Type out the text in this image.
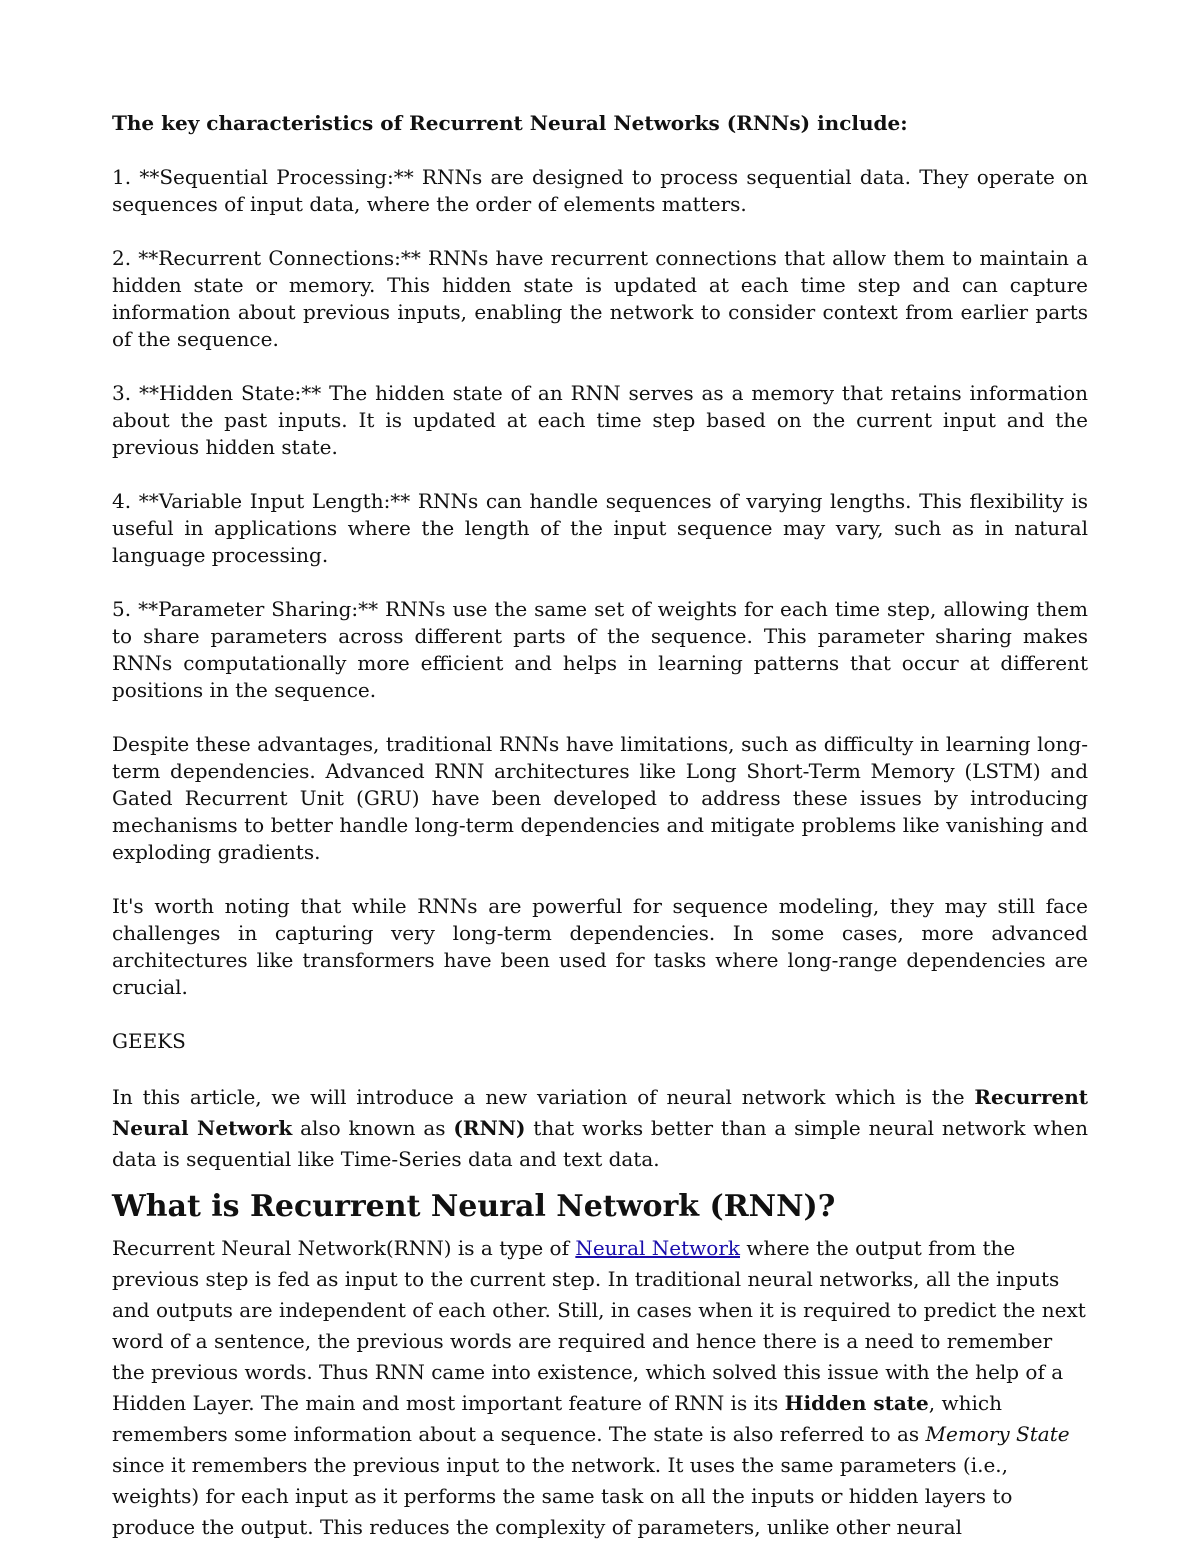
The key characteristics of Recurrent Neural Networks (RNNs) include:

1. **Sequential Processing:** RNNs are designed to process sequential data. They operate on sequences of input data, where the order of elements matters.

2. **Recurrent Connections:** RNNs have recurrent connections that allow them to maintain a hidden state or memory. This hidden state is updated at each time step and can capture information about previous inputs, enabling the network to consider context from earlier parts of the sequence.

3. **Hidden State:** The hidden state of an RNN serves as a memory that retains information about the past inputs. It is updated at each time step based on the current input and the previous hidden state.

4. **Variable Input Length:** RNNs can handle sequences of varying lengths. This flexibility is useful in applications where the length of the input sequence may vary, such as in natural language processing.

5. **Parameter Sharing:** RNNs use the same set of weights for each time step, allowing them to share parameters across different parts of the sequence. This parameter sharing makes RNNs computationally more efficient and helps in learning patterns that occur at different positions in the sequence.

Despite these advantages, traditional RNNs have limitations, such as difficulty in learning long-term dependencies. Advanced RNN architectures like Long Short-Term Memory (LSTM) and Gated Recurrent Unit (GRU) have been developed to address these issues by introducing mechanisms to better handle long-term dependencies and mitigate problems like vanishing and exploding gradients.

It's worth noting that while RNNs are powerful for sequence modeling, they may still face challenges in capturing very long-term dependencies. In some cases, more advanced architectures like transformers have been used for tasks where long-range dependencies are crucial.

GEEKS

In this article, we will introduce a new variation of neural network which is the Recurrent Neural Network also known as (RNN) that works better than a simple neural network when data is sequential like Time-Series data and text data.

What is Recurrent Neural Network (RNN)?

Recurrent Neural Network(RNN) is a type of Neural Network where the output from the previous step is fed as input to the current step. In traditional neural networks, all the inputs and outputs are independent of each other. Still, in cases when it is required to predict the next word of a sentence, the previous words are required and hence there is a need to remember the previous words. Thus RNN came into existence, which solved this issue with the help of a Hidden Layer. The main and most important feature of RNN is its Hidden state, which remembers some information about a sequence. The state is also referred to as Memory State since it remembers the previous input to the network. It uses the same parameters (i.e., weights) for each input as it performs the same task on all the inputs or hidden layers to produce the output. This reduces the complexity of parameters, unlike other neural
